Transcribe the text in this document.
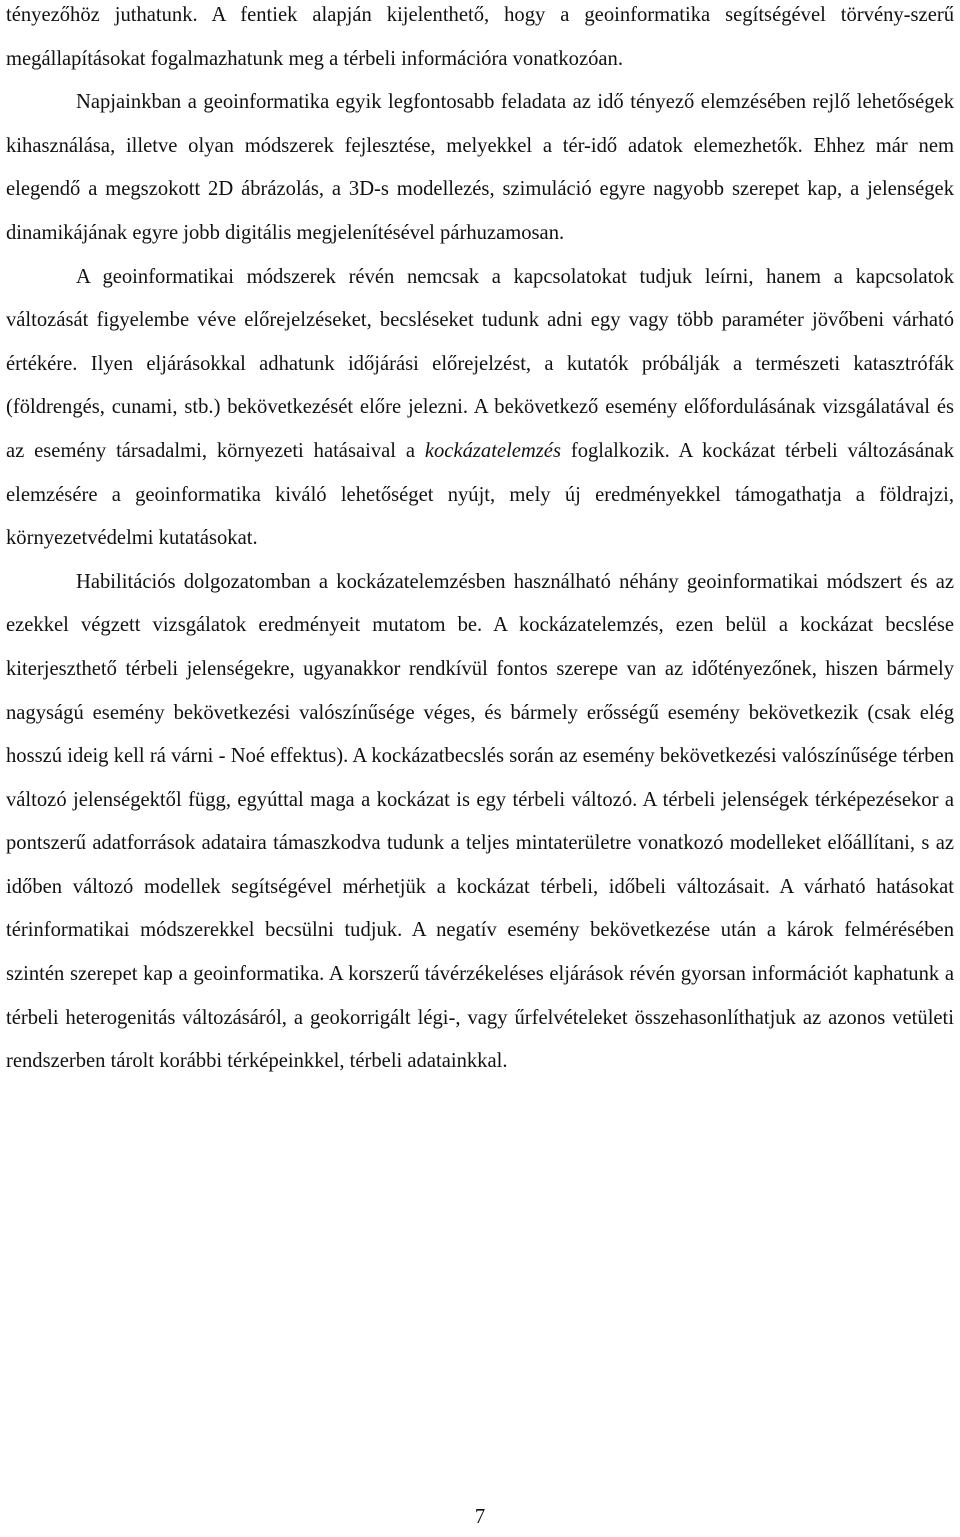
tényezőhöz juthatunk. A fentiek alapján kijelenthető, hogy a geoinformatika segítségével törvény-szerű megállapításokat fogalmazhatunk meg a térbeli információra vonatkozóan.

Napjainkban a geoinformatika egyik legfontosabb feladata az idő tényező elemzésében rejlő lehetőségek kihasználása, illetve olyan módszerek fejlesztése, melyekkel a tér-idő adatok elemezhetők. Ehhez már nem elegendő a megszokott 2D ábrázolás, a 3D-s modellezés, szimuláció egyre nagyobb szerepet kap, a jelenségek dinamikájának egyre jobb digitális megjelenítésével párhuzamosan.

A geoinformatikai módszerek révén nemcsak a kapcsolatokat tudjuk leírni, hanem a kapcsolatok változását figyelembe véve előrejelzéseket, becsléseket tudunk adni egy vagy több paraméter jövőbeni várható értékére. Ilyen eljárásokkal adhatunk időjárási előrejelzést, a kutatók próbálják a természeti katasztrófák (földrengés, cunami, stb.) bekövetkezését előre jelezni. A bekövetkező esemény előfordulásának vizsgálatával és az esemény társadalmi, környezeti hatásaival a kockázatelemzés foglalkozik. A kockázat térbeli változásának elemzésére a geoinformatika kiváló lehetőséget nyújt, mely új eredményekkel támogathatja a földrajzi, környezetvédelmi kutatásokat.

Habilitációs dolgozatomban a kockázatelemzésben használható néhány geoinformatikai módszert és az ezekkel végzett vizsgálatok eredményeit mutatom be. A kockázatelemzés, ezen belül a kockázat becslése kiterjeszthető térbeli jelenségekre, ugyanakkor rendkívül fontos szerepe van az időtényezőnek, hiszen bármely nagyságú esemény bekövetkezési valószínűsége véges, és bármely erősségű esemény bekövetkezik (csak elég hosszú ideig kell rá várni - Noé effektus). A kockázatbecslés során az esemény bekövetkezési valószínűsége térben változó jelenségektől függ, egyúttal maga a kockázat is egy térbeli változó. A térbeli jelenségek térképezésekor a pontszerű adatforrások adataira támaszkodva tudunk a teljes mintaterületre vonatkozó modelleket előállítani, s az időben változó modellek segítségével mérhetjük a kockázat térbeli, időbeli változásait. A várható hatásokat térinformatikai módszerekkel becsülni tudjuk. A negatív esemény bekövetkezése után a károk felmérésében szintén szerepet kap a geoinformatika. A korszerű távérzékeléses eljárások révén gyorsan információt kaphatunk a térbeli heterogenitás változásáról, a geokorrigált légi-, vagy űrfelvételeket összehasonlíthatjuk az azonos vetületi rendszerben tárolt korábbi térképeinkkel, térbeli adatainkkal.

7
